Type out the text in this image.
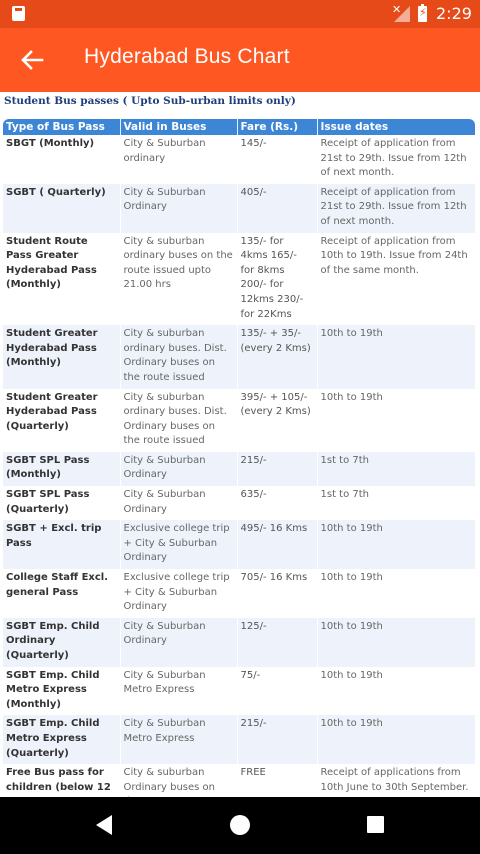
✕ ⚡ 2:29
Hyderabad Bus Chart
Student Bus passes ( Upto Sub-urban limits only)
Type of Bus Pass	Valid in Buses	Fare (Rs.)	Issue dates
SBGT (Monthly)	City & Suburban ordinary	145/-	Receipt of application from 21st to 29th. Issue from 12th of next month.
SGBT ( Quarterly)	City & Suburban Ordinary	405/-	Receipt of application from 21st to 29th. Issue from 12th of next month.
Student Route Pass Greater Hyderabad Pass (Monthly)	City & suburban ordinary buses on the route issued upto 21.00 hrs	135/- for 4kms 165/- for 8kms 200/- for 12kms 230/- for 22Kms	Receipt of application from 10th to 19th. Issue from 24th of the same month.
Student Greater Hyderabad Pass (Monthly)	City & suburban ordinary buses. Dist. Ordinary buses on the route issued	135/- + 35/- (every 2 Kms)	10th to 19th
Student Greater Hyderabad Pass (Quarterly)	City & suburban ordinary buses. Dist. Ordinary buses on the route issued	395/- + 105/- (every 2 Kms)	10th to 19th
SGBT SPL Pass (Monthly)	City & Suburban Ordinary	215/-	1st to 7th
SGBT SPL Pass (Quarterly)	City & Suburban Ordinary	635/-	1st to 7th
SGBT + Excl. trip Pass	Exclusive college trip + City & Suburban Ordinary	495/- 16 Kms	10th to 19th
College Staff Excl. general Pass	Exclusive college trip + City & Suburban Ordinary	705/- 16 Kms	10th to 19th
SGBT Emp. Child Ordinary (Quarterly)	City & Suburban Ordinary	125/-	10th to 19th
SGBT Emp. Child Metro Express (Monthly)	City & Suburban Metro Express	75/-	10th to 19th
SGBT Emp. Child Metro Express (Quarterly)	City & Suburban Metro Express	215/-	10th to 19th
Free Bus pass for children (below 12	City & suburban Ordinary buses on	FREE	Receipt of applications from 10th June to 30th September.
